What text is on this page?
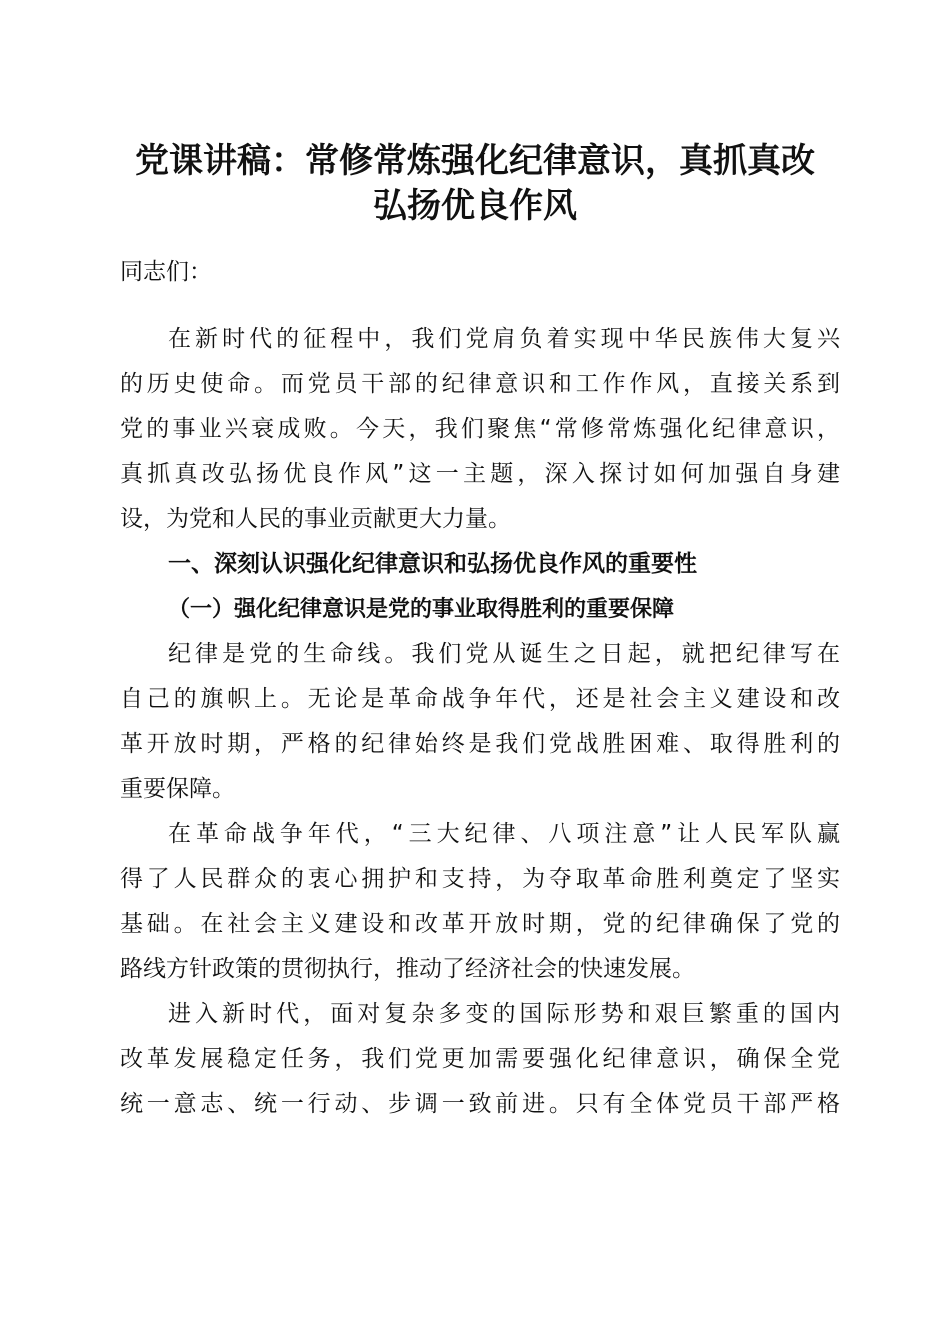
党课讲稿：常修常炼强化纪律意识，真抓真改
弘扬优良作风

同志们：

在新时代的征程中，我们党肩负着实现中华民族伟大复兴

的历史使命。而党员干部的纪律意识和工作作风，直接关系到

党的事业兴衰成败。今天，我们聚焦“常修常炼强化纪律意识，

真抓真改弘扬优良作风”这一主题，深入探讨如何加强自身建

设，为党和人民的事业贡献更大力量。

一、深刻认识强化纪律意识和弘扬优良作风的重要性
（一）强化纪律意识是党的事业取得胜利的重要保障

纪律是党的生命线。我们党从诞生之日起，就把纪律写在

自己的旗帜上。无论是革命战争年代，还是社会主义建设和改

革开放时期，严格的纪律始终是我们党战胜困难、取得胜利的

重要保障。

在革命战争年代，“三大纪律、八项注意”让人民军队赢

得了人民群众的衷心拥护和支持，为夺取革命胜利奠定了坚实

基础。在社会主义建设和改革开放时期，党的纪律确保了党的

路线方针政策的贯彻执行，推动了经济社会的快速发展。

进入新时代，面对复杂多变的国际形势和艰巨繁重的国内

改革发展稳定任务，我们党更加需要强化纪律意识，确保全党

统一意志、统一行动、步调一致前进。只有全体党员干部严格
